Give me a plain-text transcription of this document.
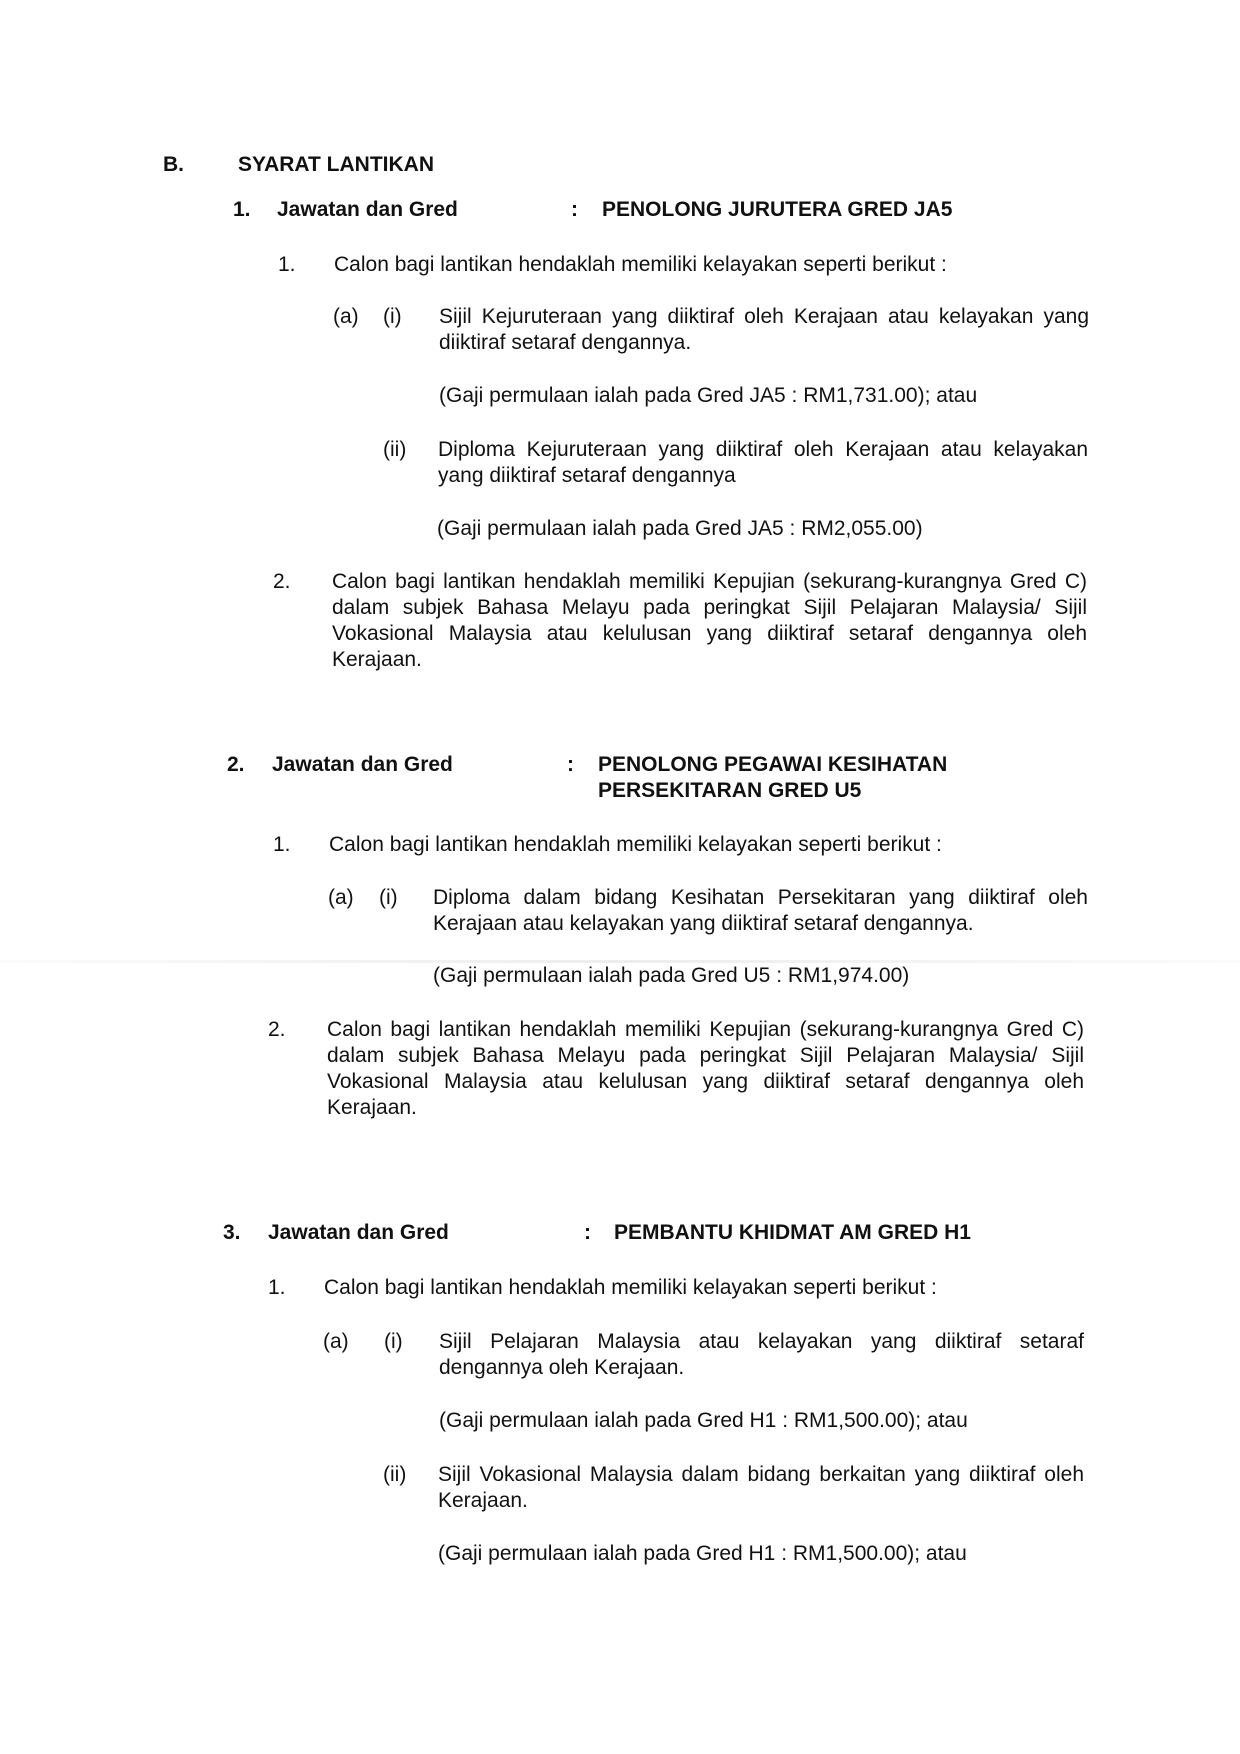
B.	SYARAT LANTIKAN
1. Jawatan dan Gred	: PENOLONG JURUTERA GRED JA5
1. Calon bagi lantikan hendaklah memiliki kelayakan seperti berikut :
(a) (i) Sijil Kejuruteraan yang diiktiraf oleh Kerajaan atau kelayakan yang diiktiraf setaraf dengannya.
(Gaji permulaan ialah pada Gred JA5 : RM1,731.00); atau
(ii) Diploma Kejuruteraan yang diiktiraf oleh Kerajaan atau kelayakan yang diiktiraf setaraf dengannya
(Gaji permulaan ialah pada Gred JA5 : RM2,055.00)
2. Calon bagi lantikan hendaklah memiliki Kepujian (sekurang-kurangnya Gred C) dalam subjek Bahasa Melayu pada peringkat Sijil Pelajaran Malaysia/ Sijil Vokasional Malaysia atau kelulusan yang diiktiraf setaraf dengannya oleh Kerajaan.
2. Jawatan dan Gred	: PENOLONG PEGAWAI KESIHATAN
PERSEKITARAN GRED U5
1. Calon bagi lantikan hendaklah memiliki kelayakan seperti berikut :
(a) (i) Diploma dalam bidang Kesihatan Persekitaran yang diiktiraf oleh Kerajaan atau kelayakan yang diiktiraf setaraf dengannya.
(Gaji permulaan ialah pada Gred U5 : RM1,974.00)
2. Calon bagi lantikan hendaklah memiliki Kepujian (sekurang-kurangnya Gred C) dalam subjek Bahasa Melayu pada peringkat Sijil Pelajaran Malaysia/ Sijil Vokasional Malaysia atau kelulusan yang diiktiraf setaraf dengannya oleh Kerajaan.
3. Jawatan dan Gred	: PEMBANTU KHIDMAT AM GRED H1
1. Calon bagi lantikan hendaklah memiliki kelayakan seperti berikut :
(a) (i) Sijil Pelajaran Malaysia atau kelayakan yang diiktiraf setaraf dengannya oleh Kerajaan.
(Gaji permulaan ialah pada Gred H1 : RM1,500.00); atau
(ii) Sijil Vokasional Malaysia dalam bidang berkaitan yang diiktiraf oleh Kerajaan.
(Gaji permulaan ialah pada Gred H1 : RM1,500.00); atau
